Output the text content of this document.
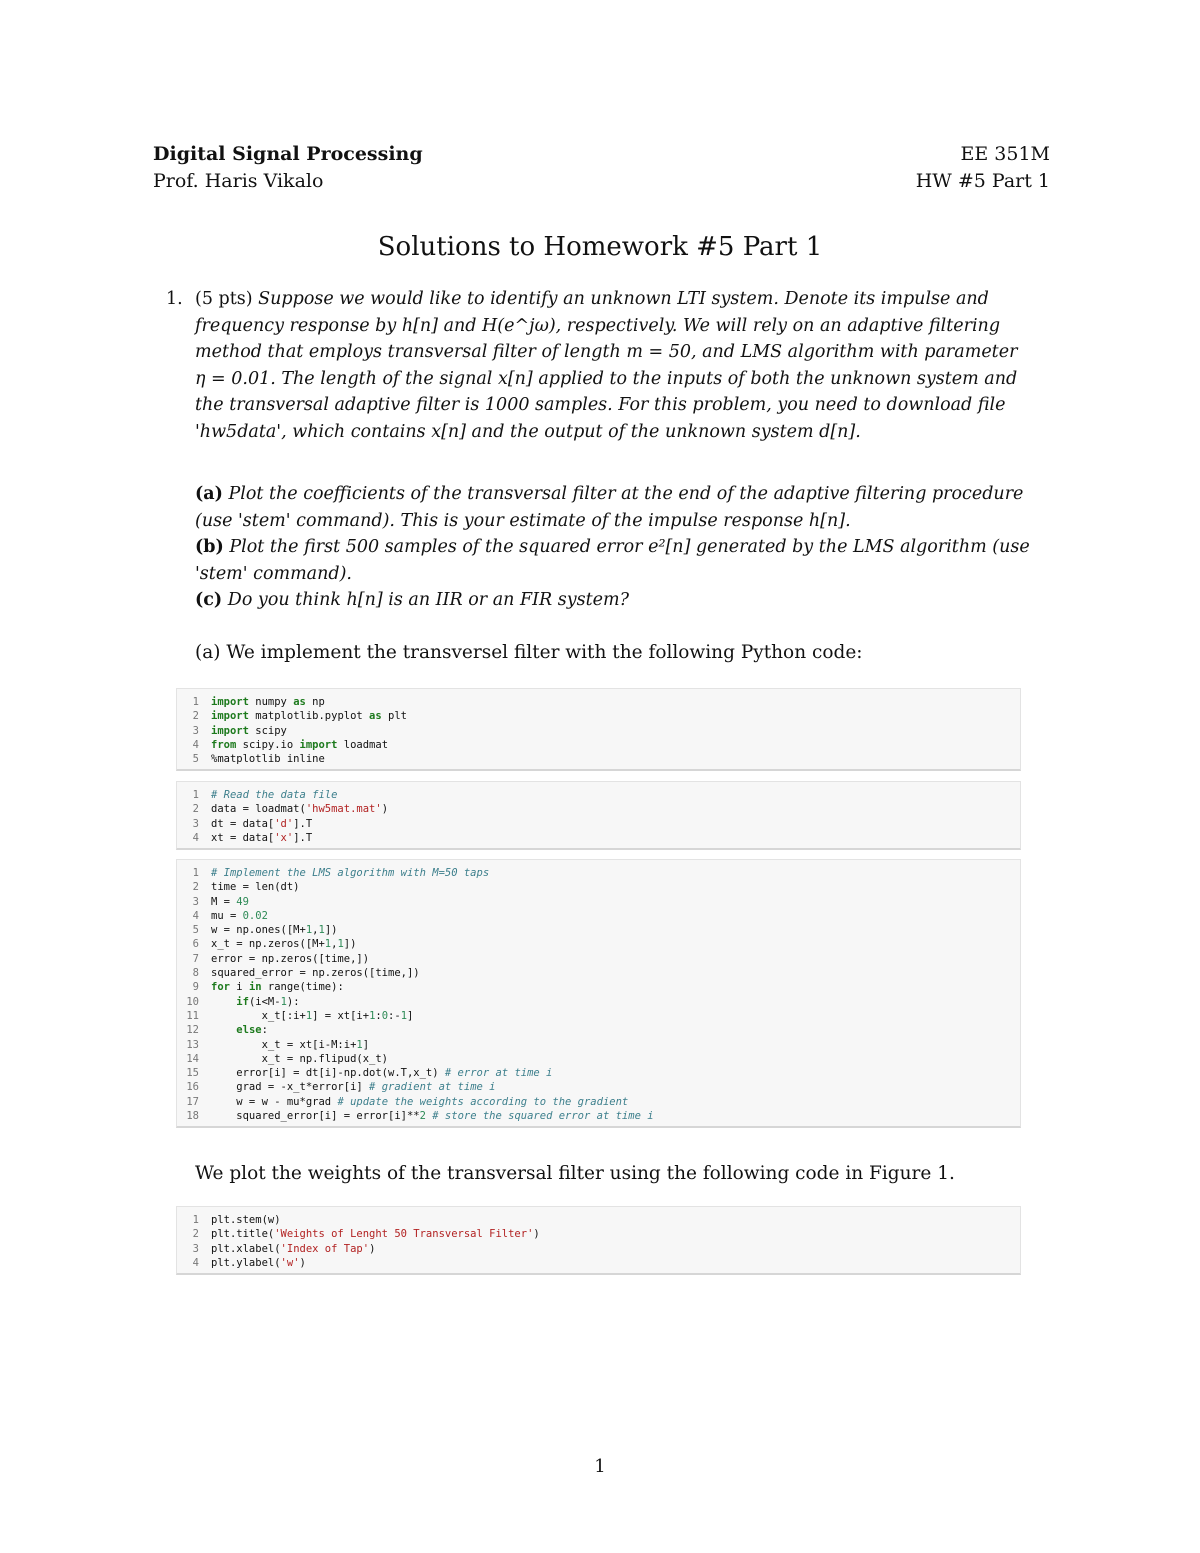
Digital Signal Processing	EE 351M
Prof. Haris Vikalo	HW #5 Part 1
Solutions to Homework #5 Part 1
1. (5 pts) Suppose we would like to identify an unknown LTI system. Denote its impulse and
frequency response by h[n] and H(e^jω), respectively. We will rely on an adaptive filtering
method that employs transversal filter of length m = 50, and LMS algorithm with parameter
η = 0.01. The length of the signal x[n] applied to the inputs of both the unknown system and
the transversal adaptive filter is 1000 samples. For this problem, you need to download file
'hw5data', which contains x[n] and the output of the unknown system d[n].
(a) Plot the coefficients of the transversal filter at the end of the adaptive filtering procedure
(use 'stem' command). This is your estimate of the impulse response h[n].
(b) Plot the first 500 samples of the squared error e²[n] generated by the LMS algorithm (use
'stem' command).
(c) Do you think h[n] is an IIR or an FIR system?
(a) We implement the transversel filter with the following Python code:
1	import numpy as np
2	import matplotlib.pyplot as plt
3	import scipy
4	from scipy.io import loadmat
5	%matplotlib inline
1	# Read the data file
2	data = loadmat('hw5mat.mat')
3	dt = data['d'].T
4	xt = data['x'].T
1	# Implement the LMS algorithm with M=50 taps
2	time = len(dt)
3	M = 49
4	mu = 0.02
5	w = np.ones([M+1,1])
6	x_t = np.zeros([M+1,1])
7	error = np.zeros([time,])
8	squared_error = np.zeros([time,])
9	for i in range(time):
10	if(i<M-1):
11	x_t[:i+1] = xt[i+1:0:-1]
12	else:
13	x_t = xt[i-M:i+1]
14	x_t = np.flipud(x_t)
15	error[i] = dt[i]-np.dot(w.T,x_t) # error at time i
16	grad = -x_t*error[i] # gradient at time i
17	w = w - mu*grad # update the weights according to the gradient
18	squared_error[i] = error[i]**2 # store the squared error at time i
We plot the weights of the transversal filter using the following code in Figure 1.
1	plt.stem(w)
2	plt.title('Weights of Lenght 50 Transversal Filter')
3	plt.xlabel('Index of Tap')
4	plt.ylabel('w')
1
